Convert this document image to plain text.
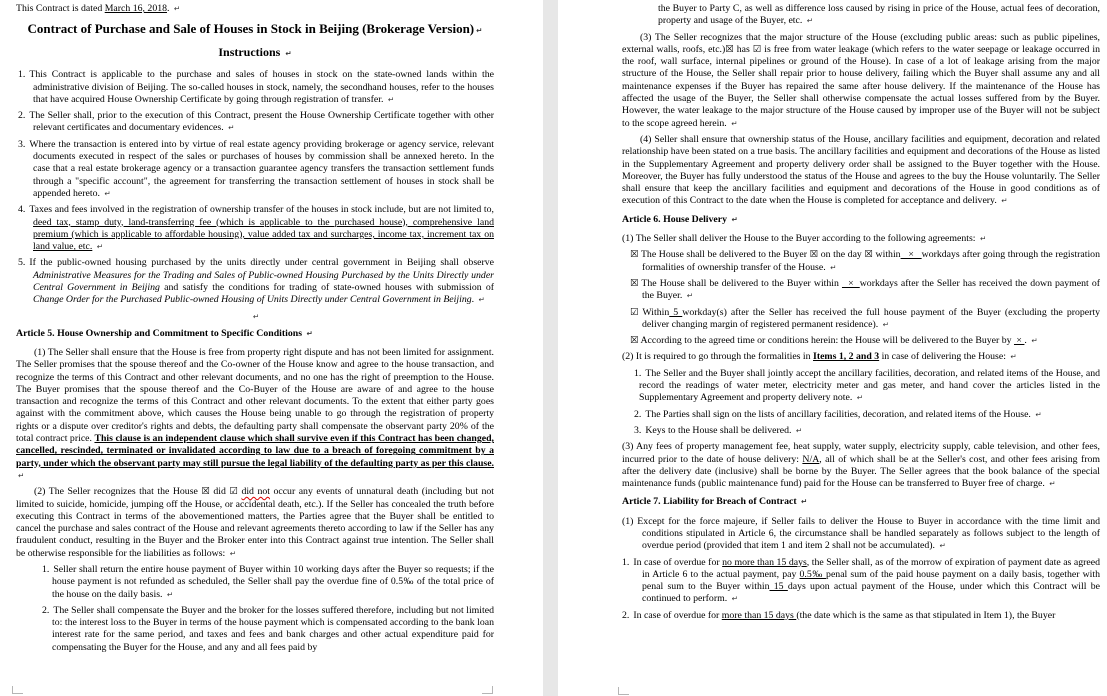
This Contract is dated March 16, 2018. ↵
Contract of Purchase and Sale of Houses in Stock in Beijing (Brokerage Version) ↵
Instructions ↵
1. This Contract is applicable to the purchase and sales of houses in stock on the state-owned lands within the administrative division of Beijing. The so-called houses in stock, namely, the secondhand houses, refer to the houses that have acquired House Ownership Certificate by going through registration of transfer. ↵
2. The Seller shall, prior to the execution of this Contract, present the House Ownership Certificate together with other relevant certificates and documentary evidences. ↵
3. Where the transaction is entered into by virtue of real estate agency providing brokerage or agency service, relevant documents executed in respect of the sales or purchases of houses by commission shall be annexed hereto. In the case that a real estate brokerage agency or a transaction guarantee agency transfers the transaction settlement funds through a "specific account", the agreement for transferring the transaction settlement of houses in stock shall be appended hereto. ↵
4. Taxes and fees involved in the registration of ownership transfer of the houses in stock include, but are not limited to, deed tax, stamp duty, land-transferring fee (which is applicable to the purchased house), comprehensive land premium (which is applicable to affordable housing), value added tax and surcharges, income tax, increment tax on land value, etc. ↵
5. If the public-owned housing purchased by the units directly under central government in Beijing shall observe Administrative Measures for the Trading and Sales of Public-owned Housing Purchased by the Units Directly under Central Government in Beijing and satisfy the conditions for trading of state-owned houses with submission of Change Order for the Purchased Public-owned Housing of Units Directly under Central Government in Beijing. ↵
↵
Article 5. House Ownership and Commitment to Specific Conditions ↵
(1) The Seller shall ensure that the House is free from property right dispute and has not been limited for assignment. The Seller promises that the spouse thereof and the Co-owner of the House know and agree to the house transaction, and recognize the terms of this Contract and other relevant documents, and no one has the right of preemption to the House. The Buyer promises that the spouse thereof and the Co-Buyer of the House are aware of and agree to the house transaction and recognize the terms of this Contract and other relevant documents. To the extent that either party goes against with the commitment above, which causes the House being unable to go through the registration of property rights or a dispute over creditor's rights and debts, the defaulting party shall compensate the observant party 20% of the total contract price. This clause is an independent clause which shall survive even if this Contract has been changed, cancelled, rescinded, terminated or invalidated according to law due to a breach of foregoing commitment by a party, under which the observant party may still pursue the legal liability of the defaulting party as per this clause. ↵
(2) The Seller recognizes that the House ☒ did ☑ did not occur any events of unnatural death (including but not limited to suicide, homicide, jumping off the House, or accidental death, etc.). If the Seller has concealed the truth before executing this Contract in terms of the abovementioned matters, the Parties agree that the Buyer shall be entitled to cancel the purchase and sales contract of the House and relevant agreements thereto according to law if the Seller has any fraudulent conduct, resulting in the Buyer and the Broker enter into this Contract against true intention. The Seller shall be otherwise responsible for the liabilities as follows: ↵
1. Seller shall return the entire house payment of Buyer within 10 working days after the Buyer so requests; if the house payment is not refunded as scheduled, the Seller shall pay the overdue fine of 0.5‰ of the total price of the house on the daily basis. ↵
2. The Seller shall compensate the Buyer and the broker for the losses suffered therefore, including but not limited to: the interest loss to the Buyer in terms of the house payment which is compensated according to the bank loan interest rate for the same period, and taxes and fees and bank charges and other actual expenditure paid for compensating the Buyer for the House, and any and all fees paid by
the Buyer to Party C, as well as difference loss caused by rising in price of the House, actual fees of decoration, property and usage of the Buyer, etc. ↵
(3) The Seller recognizes that the major structure of the House (excluding public areas: such as public pipelines, external walls, roofs, etc.)☒ has ☑ is free from water leakage (which refers to the water seepage or leakage occurred in the roof, wall surface, internal pipelines or ground of the House). In case of a lot of leakage arising from the major structure of the House, the Seller shall repair prior to house delivery, failing which the Buyer shall assume any and all maintenance expenses if the Buyer has repaired the same after house delivery. If the maintenance of the House has affected the usage of the Buyer, the Seller shall otherwise compensate the actual losses suffered from by the Buyer. However, the water leakage to the major structure of the House caused by improper use of the Buyer will not be subject to the scope agreed herein. ↵
(4) Seller shall ensure that ownership status of the House, ancillary facilities and equipment, decoration and related relationship have been stated on a true basis. The ancillary facilities and equipment and decorations of the House as listed in the Supplementary Agreement and property delivery order shall be assigned to the Buyer together with the House. Moreover, the Buyer has fully understood the status of the House and agrees to the buy the House voluntarily. The Seller shall ensure that keep the ancillary facilities and equipment and decorations of the House in good conditions as of execution of this Contract to the date when the House is completed for acceptance and delivery. ↵
Article 6. House Delivery ↵
(1) The Seller shall deliver the House to the Buyer according to the following agreements: ↵
☒ The House shall be delivered to the Buyer ☒ on the day ☒ within   ×   workdays after going through the registration formalities of ownership transfer of the House. ↵
☒ The House shall be delivered to the Buyer within   ×  workdays after the Seller has received the down payment of the Buyer. ↵
☑ Within 5 workday(s) after the Seller has received the full house payment of the Buyer (excluding the property deliver changing margin of registered permanent residence). ↵
☒ According to the agreed time or conditions herein: the House will be delivered to the Buyer by  × . ↵
(2) It is required to go through the formalities in Items 1, 2 and 3 in case of delivering the House: ↵
1. The Seller and the Buyer shall jointly accept the ancillary facilities, decoration, and related items of the House, and record the readings of water meter, electricity meter and gas meter, and hand cover the articles listed in the Supplementary Agreement and property delivery note. ↵
2. The Parties shall sign on the lists of ancillary facilities, decoration, and related items of the House. ↵
3. Keys to the House shall be delivered. ↵
(3) Any fees of property management fee, heat supply, water supply, electricity supply, cable television, and other fees, incurred prior to the date of house delivery: N/A, all of which shall be at the Seller's cost, and other fees arising from after the delivery date (inclusive) shall be borne by the Buyer. The Seller agrees that the book balance of the special maintenance funds (public maintenance fund) paid for the House can be transferred to Buyer free of charge. ↵
Article 7. Liability for Breach of Contract ↵
(1) Except for the force majeure, if Seller fails to deliver the House to Buyer in accordance with the time limit and conditions stipulated in Article 6, the circumstance shall be handled separately as follows subject to the length of overdue period (provided that item 1 and item 2 shall not be accumulated). ↵
1. In case of overdue for no more than 15 days, the Seller shall, as of the morrow of expiration of payment date as agreed in Article 6 to the actual payment, pay 0.5‰ penal sum of the paid house payment on a daily basis, together with penal sum to the Buyer within 15 days upon actual payment of the House, under which this Contract will be continued to perform. ↵
2. In case of overdue for more than 15 days (the date which is the same as that stipulated in Item 1), the Buyer
